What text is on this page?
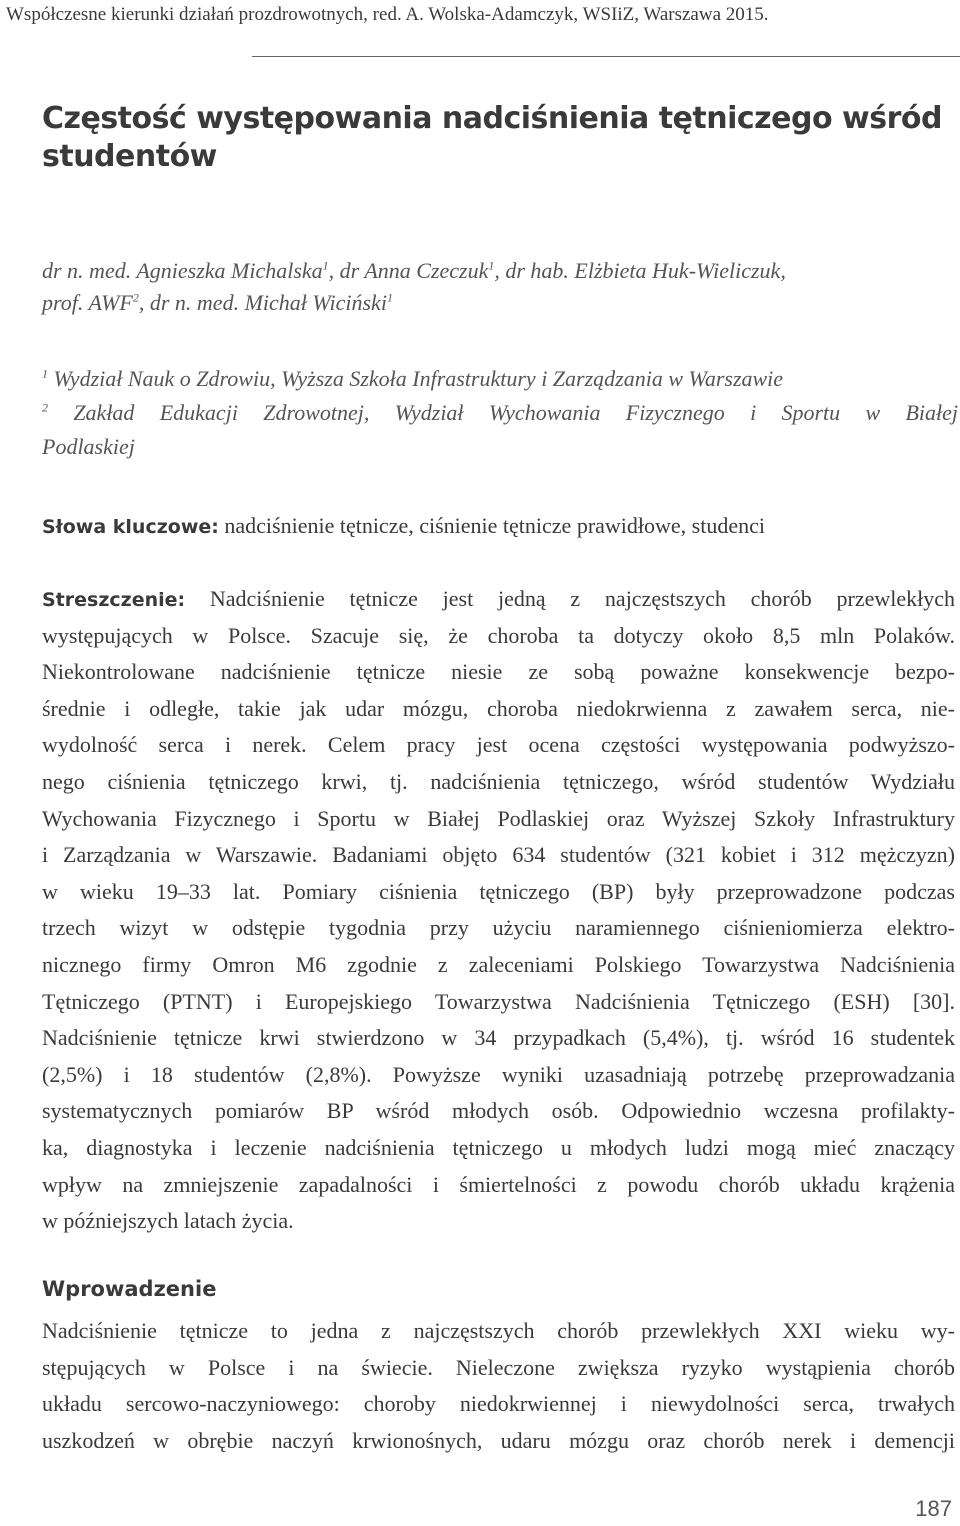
Współczesne kierunki działań prozdrowotnych, red. A. Wolska-Adamczyk, WSIiZ, Warszawa 2015.
Częstość występowania nadciśnienia tętniczego wśród
studentów
dr n. med. Agnieszka Michalska$^1$, dr Anna Czeczuk$^1$, dr hab. Elżbieta Huk-Wieliczuk,
prof. AWF$^2$, dr n. med. Michał Wiciński$^1$
$^1$ Wydział Nauk o Zdrowiu, Wyższa Szkoła Infrastruktury i Zarządzania w Warszawie
$^2$ Zakład Edukacji Zdrowotnej, Wydział Wychowania Fizycznego i Sportu w Białej
Podlaskiej
Słowa kluczowe: nadciśnienie tętnicze, ciśnienie tętnicze prawidłowe, studenci
Streszczenie: Nadciśnienie tętnicze jest jedną z najczęstszych chorób przewlekłych
występujących w Polsce. Szacuje się, że choroba ta dotyczy około 8,5 mln Polaków.
Niekontrolowane nadciśnienie tętnicze niesie ze sobą poważne konsekwencje bezpo-
średnie i odległe, takie jak udar mózgu, choroba niedokrwienna z zawałem serca, nie-
wydolność serca i nerek. Celem pracy jest ocena częstości występowania podwyższo-
nego ciśnienia tętniczego krwi, tj. nadciśnienia tętniczego, wśród studentów Wydziału
Wychowania Fizycznego i Sportu w Białej Podlaskiej oraz Wyższej Szkoły Infrastruktury
i Zarządzania w Warszawie. Badaniami objęto 634 studentów (321 kobiet i 312 mężczyzn)
w wieku 19–33 lat. Pomiary ciśnienia tętniczego (BP) były przeprowadzone podczas
trzech wizyt w odstępie tygodnia przy użyciu naramiennego ciśnieniomierza elektro-
nicznego firmy Omron M6 zgodnie z zaleceniami Polskiego Towarzystwa Nadciśnienia
Tętniczego (PTNT) i Europejskiego Towarzystwa Nadciśnienia Tętniczego (ESH) [30].
Nadciśnienie tętnicze krwi stwierdzono w 34 przypadkach (5,4%), tj. wśród 16 studentek
(2,5%) i 18 studentów (2,8%). Powyższe wyniki uzasadniają potrzebę przeprowadzania
systematycznych pomiarów BP wśród młodych osób. Odpowiednio wczesna profilakty-
ka, diagnostyka i leczenie nadciśnienia tętniczego u młodych ludzi mogą mieć znaczący
wpływ na zmniejszenie zapadalności i śmiertelności z powodu chorób układu krążenia
w późniejszych latach życia.
Wprowadzenie
Nadciśnienie tętnicze to jedna z najczęstszych chorób przewlekłych XXI wieku wy-
stępujących w Polsce i na świecie. Nieleczone zwiększa ryzyko wystąpienia chorób
układu sercowo-naczyniowego: choroby niedokrwiennej i niewydolności serca, trwałych
uszkodzeń w obrębie naczyń krwionośnych, udaru mózgu oraz chorób nerek i demencji
187
